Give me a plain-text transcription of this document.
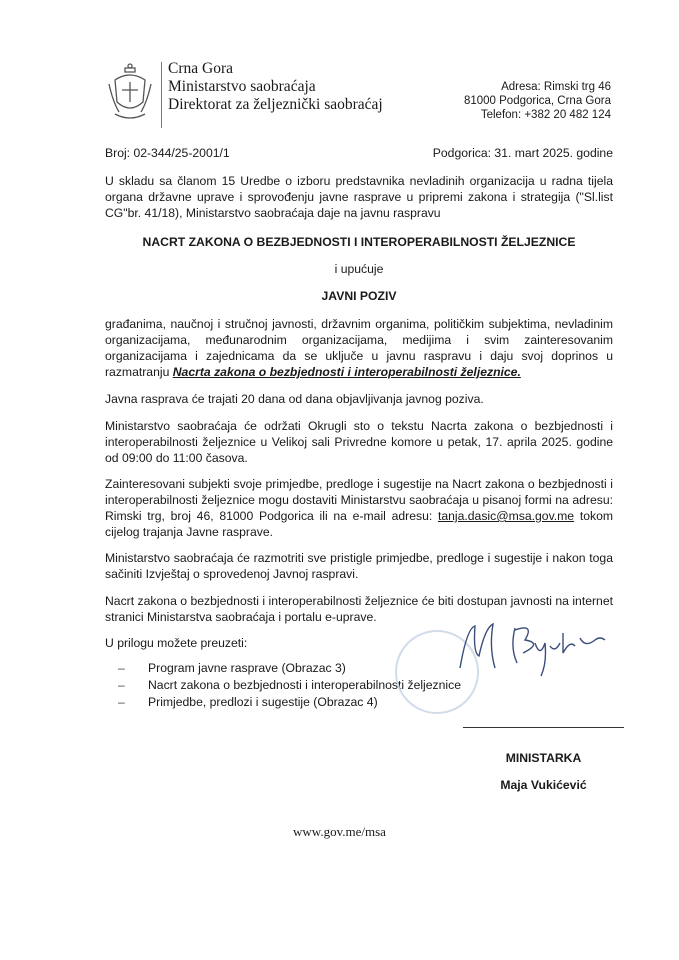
Crna Gora
Ministarstvo saobraćaja
Direktorat za željeznički saobraćaj
Adresa: Rimski trg 46
81000 Podgorica, Crna Gora
Telefon: +382 20 482 124
Broj: 02-344/25-2001/1	Podgorica: 31. mart 2025. godine
U skladu sa članom 15 Uredbe o izboru predstavnika nevladinih organizacija u radna tijela organa državne uprave i sprovođenju javne rasprave u pripremi zakona i strategija ("Sl.list CG"br. 41/18), Ministarstvo saobraćaja daje na javnu raspravu
NACRT ZAKONA O BEZBJEDNOSTI I INTEROPERABILNOSTI ŽELJEZNICE
i upućuje
JAVNI POZIV
građanima, naučnoj i stručnoj javnosti, državnim organima, političkim subjektima, nevladinim organizacijama, međunarodnim organizacijama, medijima i svim zainteresovanim organizacijama i zajednicama da se uključe u javnu raspravu i daju svoj doprinos u razmatranju Nacrta zakona o bezbjednosti i interoperabilnosti željeznice.
Javna rasprava će trajati 20 dana od dana objavljivanja javnog poziva.
Ministarstvo saobraćaja će održati Okrugli sto o tekstu Nacrta zakona o bezbjednosti i interoperabilnosti željeznice u Velikoj sali Privredne komore u petak, 17. aprila 2025. godine od 09:00 do 11:00 časova.
Zainteresovani subjekti svoje primjedbe, predloge i sugestije na Nacrt zakona o bezbjednosti i interoperabilnosti željeznice mogu dostaviti Ministarstvu saobraćaja u pisanoj formi na adresu: Rimski trg, broj 46, 81000 Podgorica ili na e-mail adresu: tanja.dasic@msa.gov.me tokom cijelog trajanja Javne rasprave.
Ministarstvo saobraćaja će razmotriti sve pristigle primjedbe, predloge i sugestije i nakon toga sačiniti Izvještaj o sprovedenoj Javnoj raspravi.
Nacrt zakona o bezbjednosti i interoperabilnosti željeznice će biti dostupan javnosti na internet stranici Ministarstva saobraćaja i portalu e-uprave.
U prilogu možete preuzeti:
– Program javne rasprave (Obrazac 3)
– Nacrt zakona o bezbjednosti i interoperabilnosti željeznice
– Primjedbe, predlozi i sugestije (Obrazac 4)
MINISTARKA
Maja Vukićević
www.gov.me/msa
